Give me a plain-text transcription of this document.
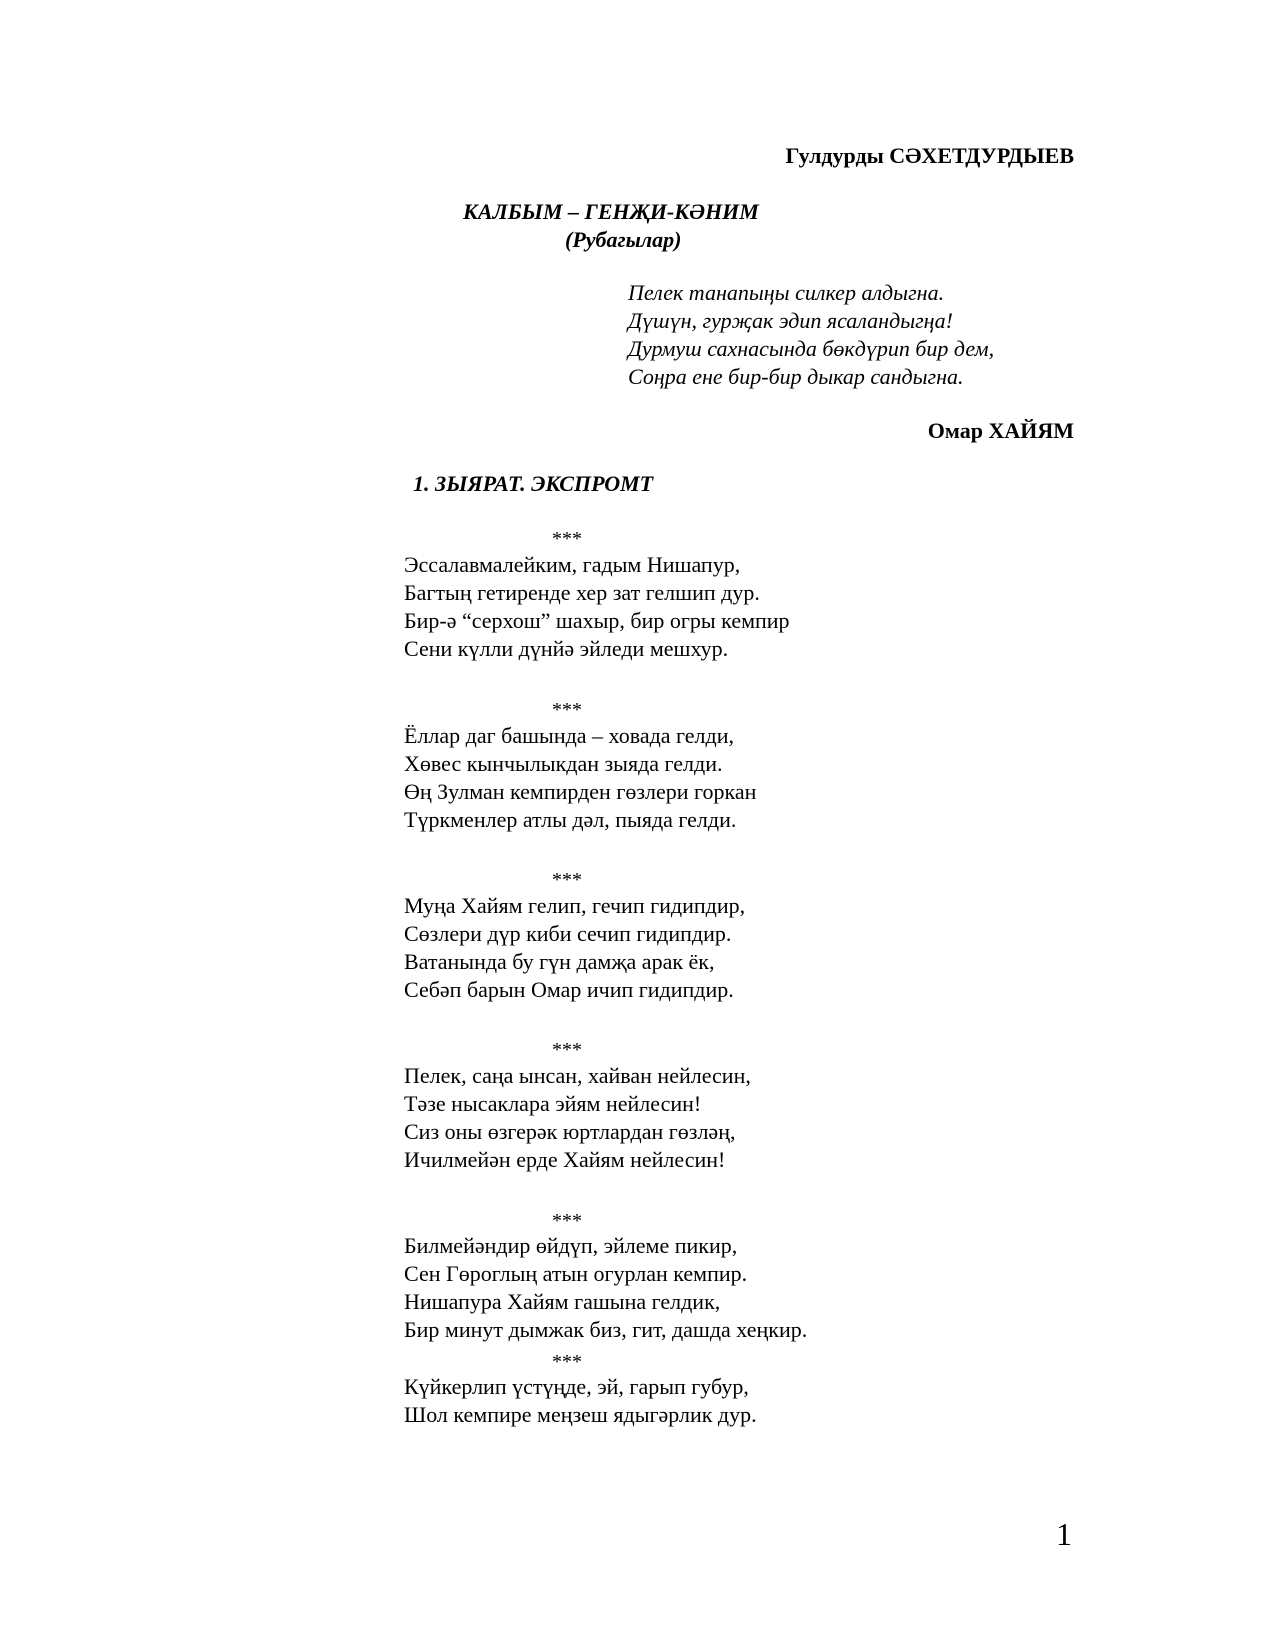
Гулдурды СӘХЕТДУРДЫЕВ
КАЛБЫМ – ГЕНҖИ-КӘНИМ
(Рубагылар)
Пелек танапыңы силкер алдыгна.
Дүшүн, гурҗак эдип ясаландыгңа!
Дурмуш сахнасында бөкдүрип бир дем,
Соңра ене бир-бир дыкар сандыгна.
Омар ХАЙЯМ
1. ЗЫЯРАТ. ЭКСПРОМТ
***
Эссалавмалейким, гадым Нишапур,
Багтың гетиренде хер зат гелшип дур.
Бир-ә “серхош” шахыр, бир огры кемпир
Сени күлли дүнйә эйледи мешхур.
***
Ёллар даг башында – ховада гелди,
Хөвес кынчылыкдан зыяда гелди.
Өң Зулман кемпирден гөзлери горкан
Түркменлер атлы дәл, пыяда гелди.
***
Муңа Хайям гелип, гечип гидипдир,
Сөзлери дүр киби сечип гидипдир.
Ватанында бу гүн дамҗа арак ёк,
Себәп барын Омар ичип гидипдир.
***
Пелек, саңа ынсан, хайван нейлесин,
Тәзе нысаклара эйям нейлесин!
Сиз оны өзгерәк юртлардан гөзләң,
Ичилмейән ерде Хайям нейлесин!
***
Билмейәндир өйдүп, эйлеме пикир,
Сен Гөроглың атын огурлан кемпир.
Нишапура Хайям гашына гелдик,
Бир минут дымжак биз, гит, дашда хеңкир.
***
Күйкерлип үстүңде, эй, гарып губур,
Шол кемпире меңзеш ядыгәрлик дур.
1
